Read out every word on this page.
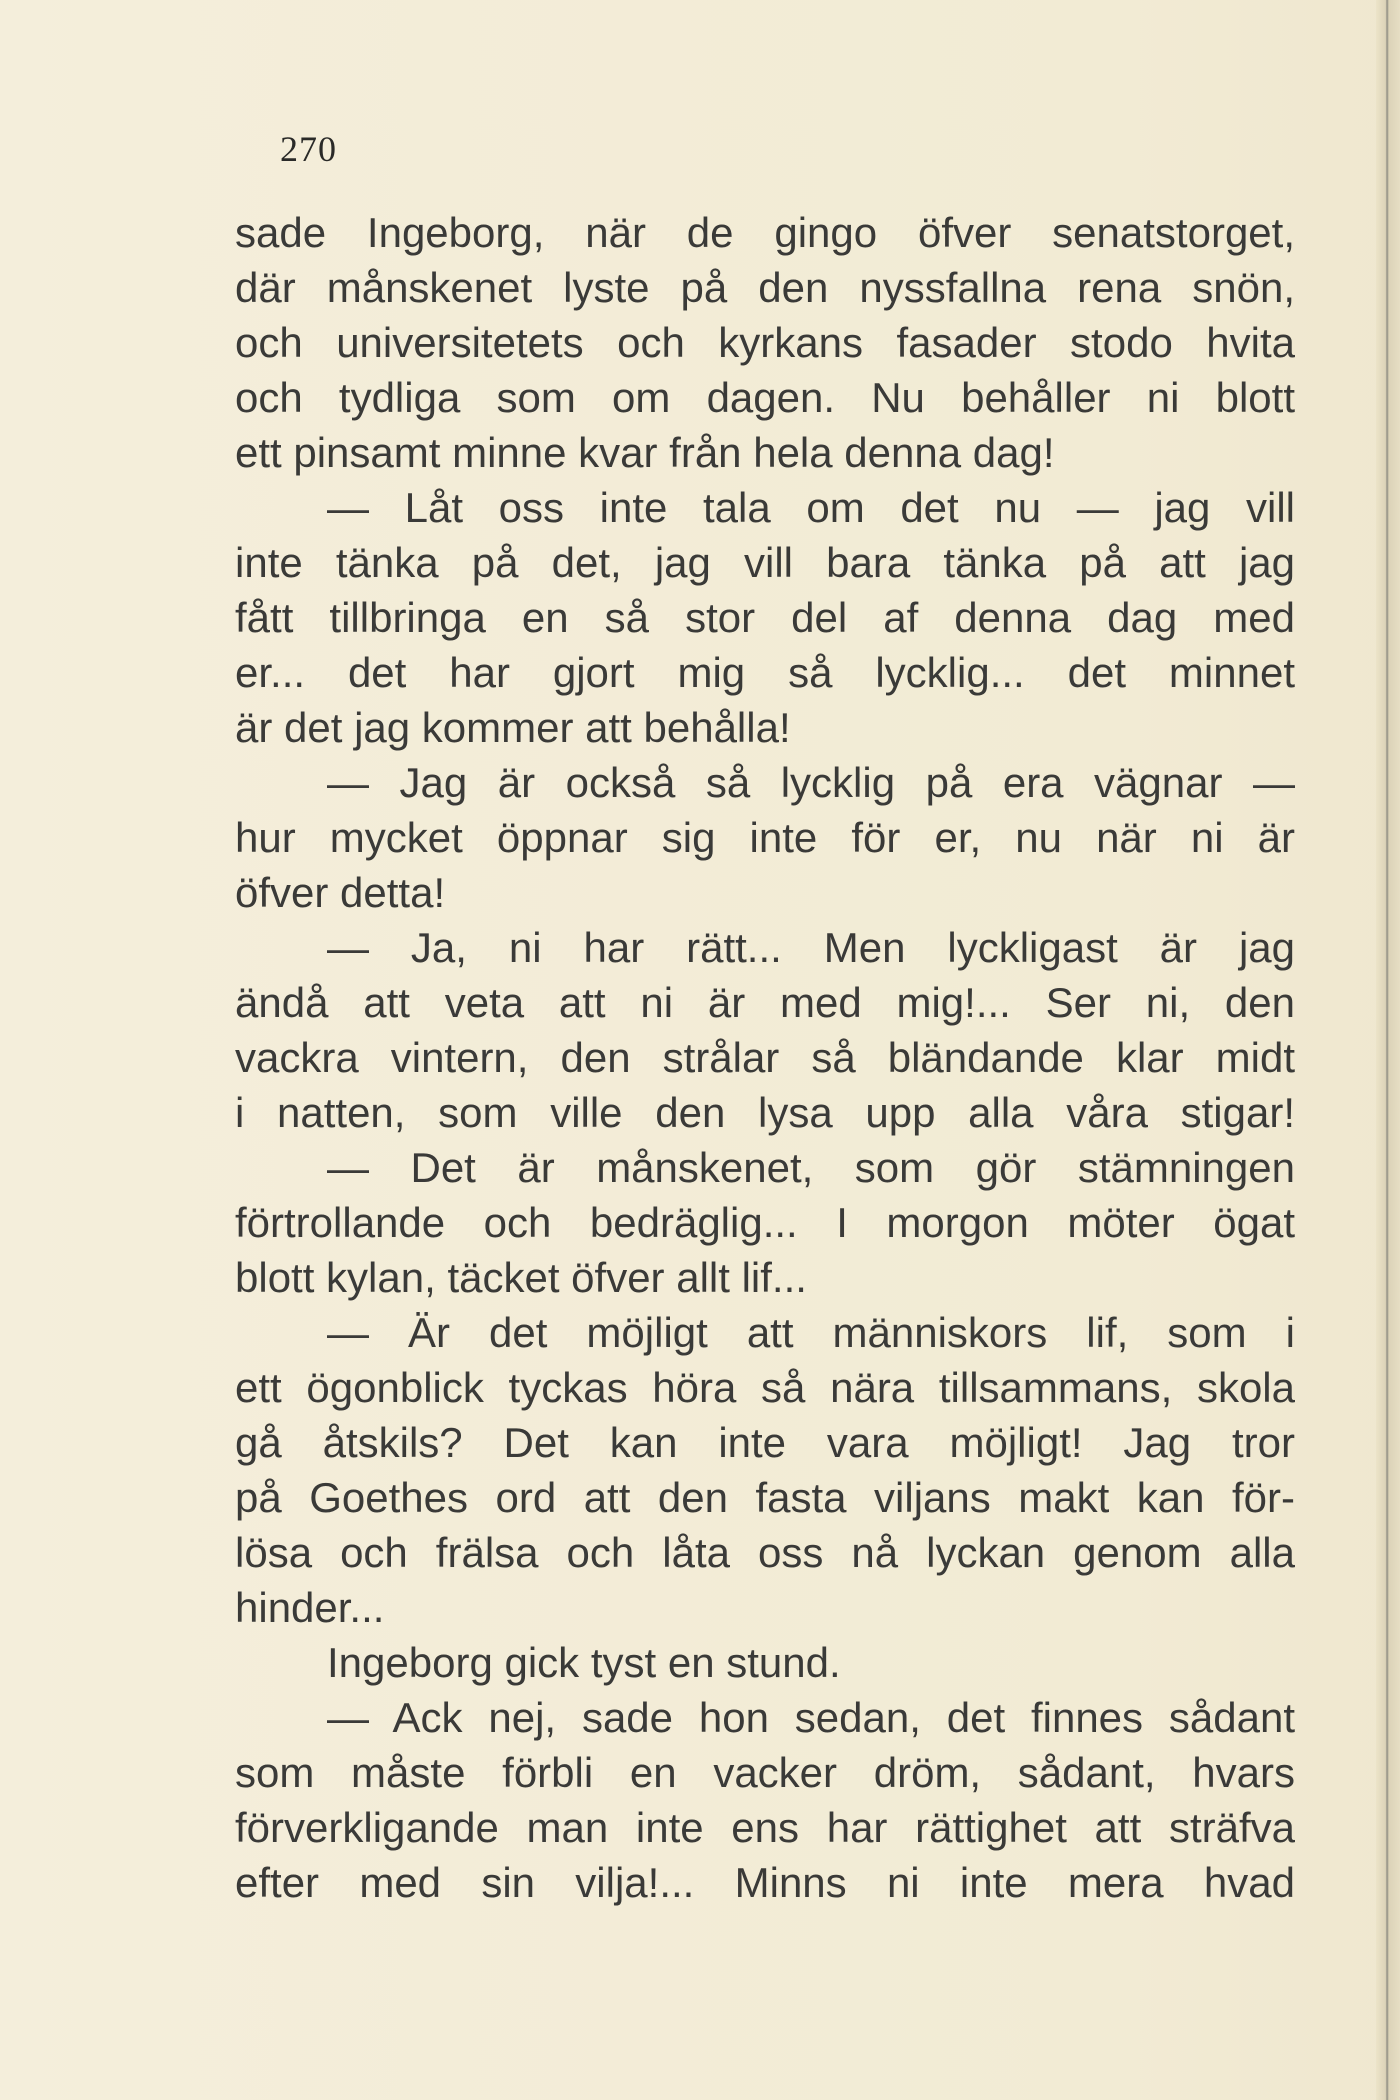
270
sade Ingeborg, när de gingo öfver senatstorget,
där månskenet lyste på den nyssfallna rena snön,
och universitetets och kyrkans fasader stodo hvita
och tydliga som om dagen. Nu behåller ni blott
ett pinsamt minne kvar från hela denna dag!
— Låt oss inte tala om det nu — jag vill
inte tänka på det, jag vill bara tänka på att jag
fått tillbringa en så stor del af denna dag med
er... det har gjort mig så lycklig... det minnet
är det jag kommer att behålla!
— Jag är också så lycklig på era vägnar —
hur mycket öppnar sig inte för er, nu när ni är
öfver detta!
— Ja, ni har rätt... Men lyckligast är jag
ändå att veta att ni är med mig!... Ser ni, den
vackra vintern, den strålar så bländande klar midt
i natten, som ville den lysa upp alla våra stigar!
— Det är månskenet, som gör stämningen
förtrollande och bedräglig... I morgon möter ögat
blott kylan, täcket öfver allt lif...
— Är det möjligt att människors lif, som i
ett ögonblick tyckas höra så nära tillsammans, skola
gå åtskils? Det kan inte vara möjligt! Jag tror
på Goethes ord att den fasta viljans makt kan för-
lösa och frälsa och låta oss nå lyckan genom alla
hinder...
Ingeborg gick tyst en stund.
— Ack nej, sade hon sedan, det finnes sådant
som måste förbli en vacker dröm, sådant, hvars
förverkligande man inte ens har rättighet att sträfva
efter med sin vilja!... Minns ni inte mera hvad
